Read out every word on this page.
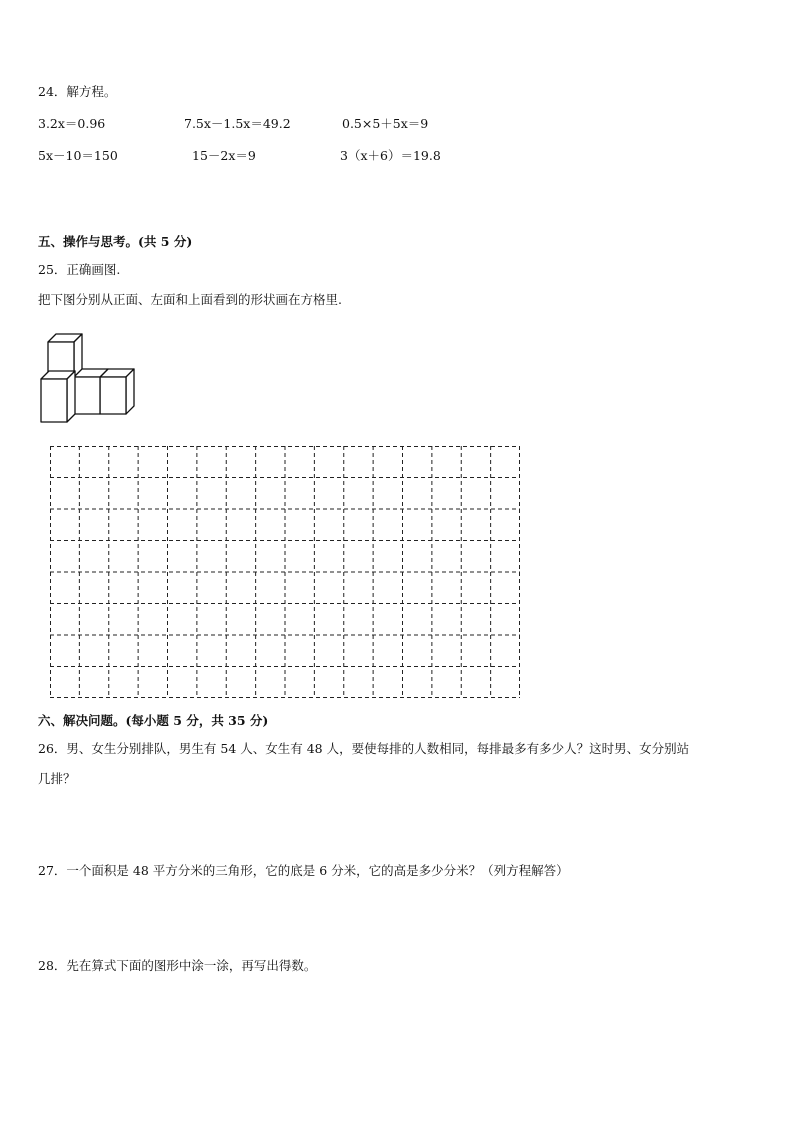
24．解方程。
3.2x＝0.96	7.5x－1.5x＝49.2	0.5×5＋5x＝9
5x－10＝150	15－2x＝9	3（x＋6）＝19.8
五、操作与思考。(共 5 分)
25．正确画图.
把下图分别从正面、左面和上面看到的形状画在方格里.
六、解决问题。(每小题 5 分，共 35 分)
26．男、女生分别排队，男生有 54 人、女生有 48 人，要使每排的人数相同，每排最多有多少人？这时男、女分别站
几排？
27．一个面积是 48 平方分米的三角形，它的底是 6 分米，它的高是多少分米？（列方程解答）
28．先在算式下面的图形中涂一涂，再写出得数。
